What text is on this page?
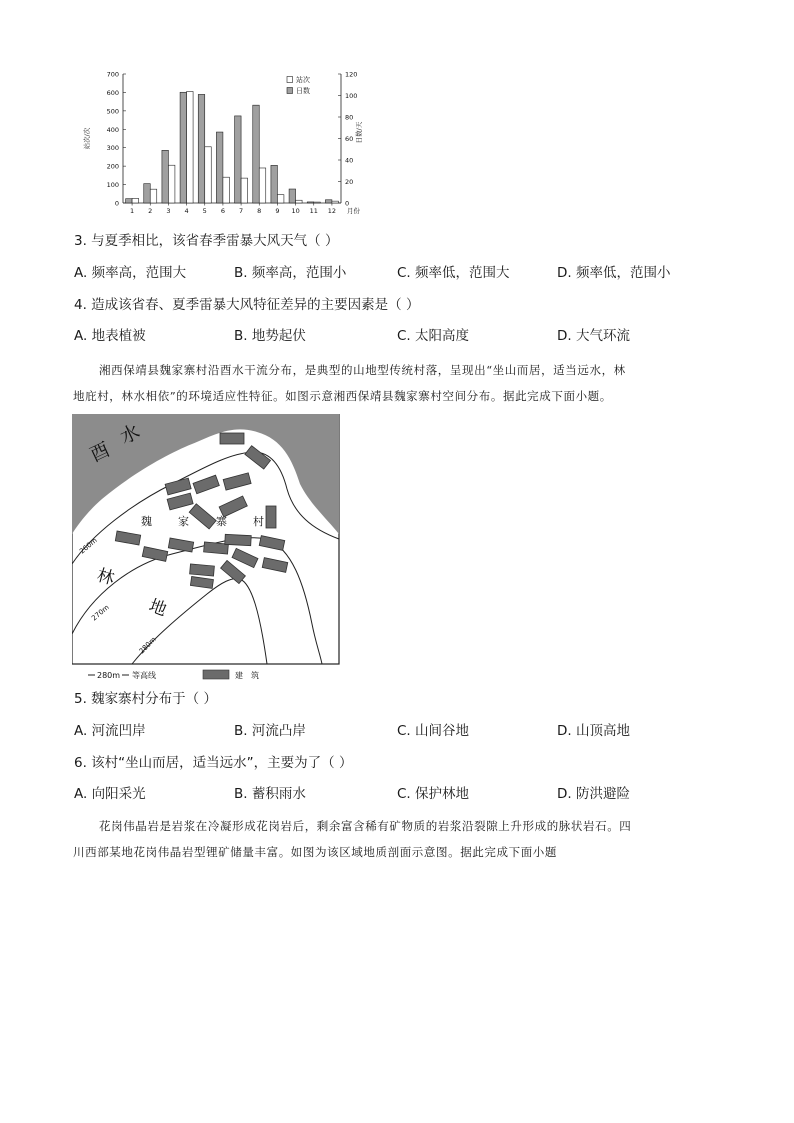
0
100
200
300
400
500
600
700
0
20
40
60
80
100
120
1 2 3 4 5 6 7 8 9 10 11 12 月份
站次/次	日数/天
站次
日数
3. 与夏季相比，该省春季雷暴大风天气（ ）
A. 频率高，范围大	B. 频率高，范围小	C. 频率低，范围大	D. 频率低，范围小
4. 造成该省春、夏季雷暴大风特征差异的主要因素是（ ）
A. 地表植被	B. 地势起伏	C. 太阳高度	D. 大气环流
湘西保靖县魏家寨村沿酉水干流分布，是典型的山地型传统村落，呈现出“坐山而居，适当远水，林
地庇村，林水相依”的环境适应性特征。如图示意湘西保靖县魏家寨村空间分布。据此完成下面小题。
酉
水
魏 家 寨 村
林
地
260m
270m
280m
280m 等高线	建　筑
5. 魏家寨村分布于（ ）
A. 河流凹岸	B. 河流凸岸	C. 山间谷地	D. 山顶高地
6. 该村“坐山而居，适当远水”，主要为了（ ）
A. 向阳采光	B. 蓄积雨水	C. 保护林地	D. 防洪避险
花岗伟晶岩是岩浆在冷凝形成花岗岩后，剩余富含稀有矿物质的岩浆沿裂隙上升形成的脉状岩石。四
川西部某地花岗伟晶岩型锂矿储量丰富。如图为该区域地质剖面示意图。据此完成下面小题
